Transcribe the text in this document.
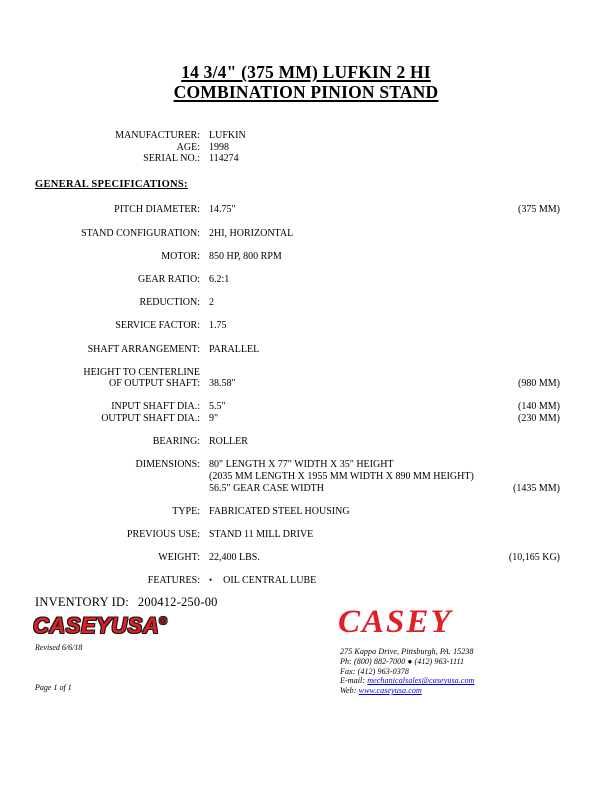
14 3/4" (375 MM) LUFKIN 2 HI
COMBINATION PINION STAND
MANUFACTURER: LUFKIN
AGE: 1998
SERIAL NO.: 114274
GENERAL SPECIFICATIONS:
PITCH DIAMETER: 14.75"	(375 MM)
STAND CONFIGURATION: 2HI, HORIZONTAL
MOTOR: 850 HP, 800 RPM
GEAR RATIO: 6.2:1
REDUCTION: 2
SERVICE FACTOR: 1.75
SHAFT ARRANGEMENT: PARALLEL
HEIGHT TO CENTERLINE
OF OUTPUT SHAFT: 38.58"	(980 MM)
INPUT SHAFT DIA.: 5.5"	(140 MM)
OUTPUT SHAFT DIA.: 9"	(230 MM)
BEARING: ROLLER
DIMENSIONS: 80" LENGTH X 77" WIDTH X 35" HEIGHT
(2035 MM LENGTH X 1955 MM WIDTH X 890 MM HEIGHT)
56.5" GEAR CASE WIDTH	(1435 MM)
TYPE: FABRICATED STEEL HOUSING
PREVIOUS USE: STAND 11 MILL DRIVE
WEIGHT: 22,400 LBS.	(10,165 KG)
FEATURES:	• OIL CENTRAL LUBE
INVENTORY ID: 200412-250-00
CASEYUSA®
Revised 6/6/18
Page 1 of 1
CASEY
275 Kappa Drive, Pittsburgh, PA. 15238
Ph: (800) 882-7000 ● (412) 963-1111
Fax: (412) 963-0378
E-mail: mechanicalsales@caseyusa.com
Web: www.caseyusa.com
